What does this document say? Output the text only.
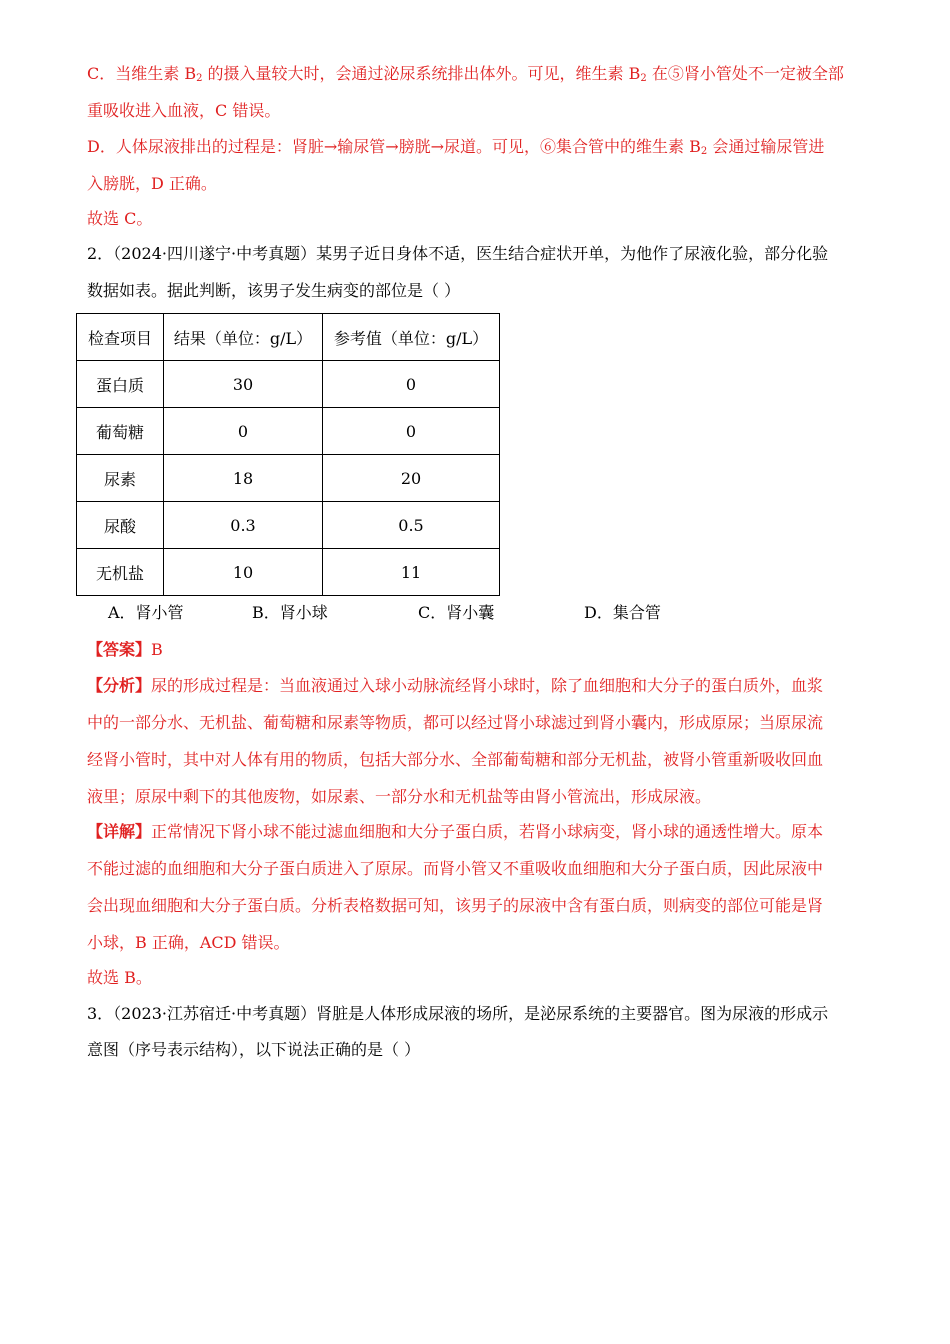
C．当维生素 $B_2$ 的摄入量较大时，会通过泌尿系统排出体外。可见，维生素 $B_2$ 在⑤肾小管处不一定被全部

重吸收进入血液，C 错误。

D．人体尿液排出的过程是：肾脏→输尿管→膀胱→尿道。可见，⑥集合管中的维生素 $B_2$ 会通过输尿管进

入膀胱，D 正确。

故选 C。

2．（2024·四川遂宁·中考真题）某男子近日身体不适，医生结合症状开单，为他作了尿液化验，部分化验

数据如表。据此判断，该男子发生病变的部位是（ ）

检查项目	结果（单位：g/L）	参考值（单位：g/L）
蛋白质	30	0
葡萄糖	0	0
尿素	18	20
尿酸	0.3	0.5
无机盐	10	11
A．肾小管	B．肾小球	C．肾小囊	D．集合管

【答案】B

【分析】尿的形成过程是：当血液通过入球小动脉流经肾小球时，除了血细胞和大分子的蛋白质外，血浆

中的一部分水、无机盐、葡萄糖和尿素等物质，都可以经过肾小球滤过到肾小囊内，形成原尿；当原尿流

经肾小管时，其中对人体有用的物质，包括大部分水、全部葡萄糖和部分无机盐，被肾小管重新吸收回血

液里；原尿中剩下的其他废物，如尿素、一部分水和无机盐等由肾小管流出，形成尿液。

【详解】正常情况下肾小球不能过滤血细胞和大分子蛋白质，若肾小球病变，肾小球的通透性增大。原本

不能过滤的血细胞和大分子蛋白质进入了原尿。而肾小管又不重吸收血细胞和大分子蛋白质，因此尿液中

会出现血细胞和大分子蛋白质。分析表格数据可知，该男子的尿液中含有蛋白质，则病变的部位可能是肾

小球，B 正确，ACD 错误。

故选 B。

3．（2023·江苏宿迁·中考真题）肾脏是人体形成尿液的场所，是泌尿系统的主要器官。图为尿液的形成示

意图（序号表示结构），以下说法正确的是（ ）
